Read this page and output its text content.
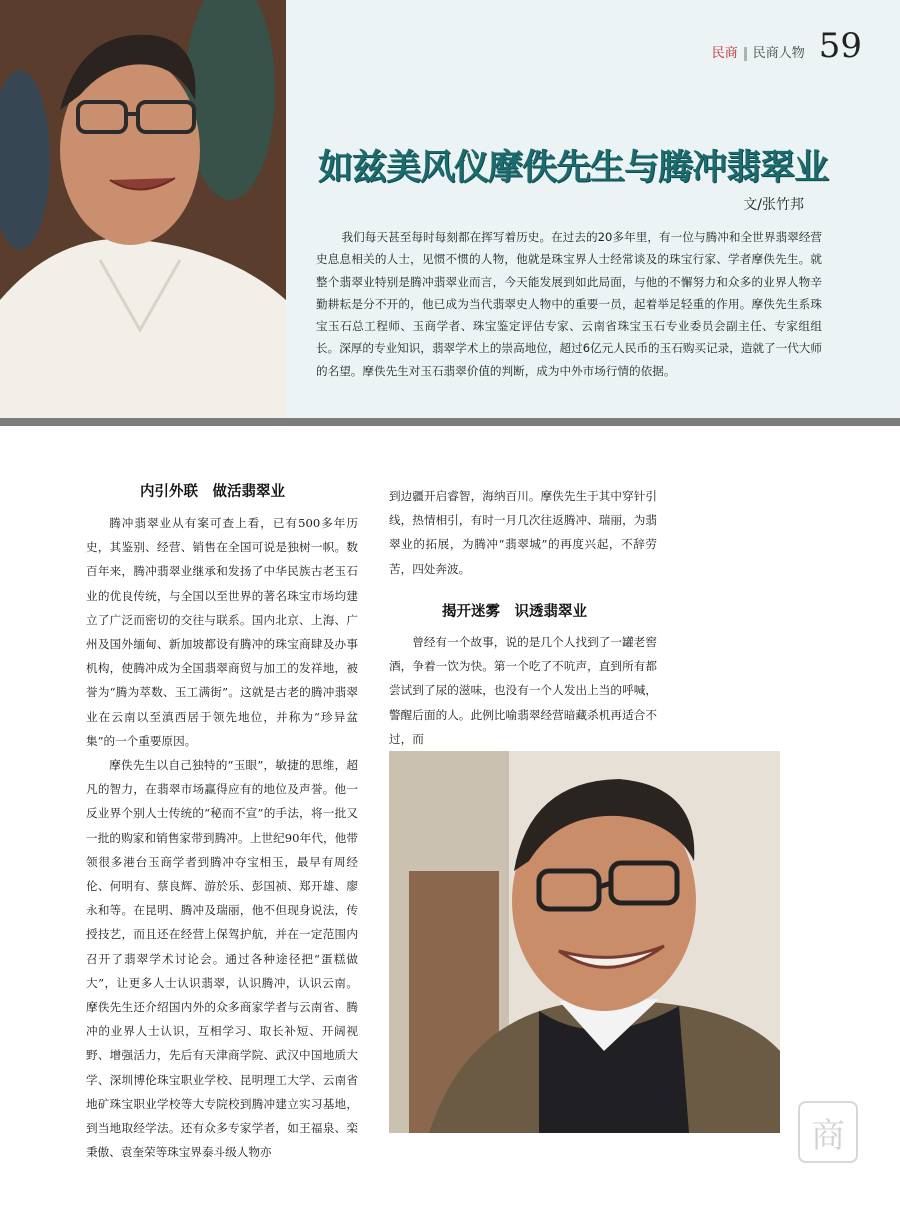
民商 民商人物 59
如兹美风仪摩佚先生与腾冲翡翠业
文/张竹邦

我们每天甚至每时每刻都在挥写着历史。在过去的20多年里，有一位与腾冲和全世界翡翠经营史息息相关的人士，见惯不惯的人物，他就是珠宝界人士经常谈及的珠宝行家、学者摩佚先生。就整个翡翠业特别是腾冲翡翠业而言，今天能发展到如此局面，与他的不懈努力和众多的业界人物辛勤耕耘是分不开的，他已成为当代翡翠史人物中的重要一员，起着举足轻重的作用。摩佚先生系珠宝玉石总工程师、玉商学者、珠宝鉴定评估专家、云南省珠宝玉石专业委员会副主任、专家组组长。深厚的专业知识，翡翠学术上的崇高地位，超过6亿元人民币的玉石购买记录，造就了一代大师的名望。摩佚先生对玉石翡翠价值的判断，成为中外市场行情的依据。

内引外联　做活翡翠业

腾冲翡翠业从有案可查上看，已有500多年历史，其鉴别、经营、销售在全国可说是独树一帜。数百年来，腾冲翡翠业继承和发扬了中华民族古老玉石业的优良传统，与全国以至世界的著名珠宝市场均建立了广泛而密切的交往与联系。国内北京、上海、广州及国外缅甸、新加坡都设有腾冲的珠宝商肆及办事机构，使腾冲成为全国翡翠商贸与加工的发祥地，被誉为“腾为萃数、玉工满街”。这就是古老的腾冲翡翠业在云南以至滇西居于领先地位，并称为“珍异盆集”的一个重要原因。

摩佚先生以自己独特的“玉眼”，敏捷的思维，超凡的智力，在翡翠市场赢得应有的地位及声誉。他一反业界个别人士传统的“秘而不宣”的手法，将一批又一批的购家和销售家带到腾冲。上世纪90年代，他带领很多港台玉商学者到腾冲夺宝相玉，最早有周经伦、何明有、蔡良辉、游於乐、彭国祯、郑开雄、廖永和等。在昆明、腾冲及瑞丽，他不但现身说法，传授技艺，而且还在经营上保驾护航，并在一定范围内召开了翡翠学术讨论会。通过各种途径把“蛋糕做大”，让更多人士认识翡翠，认识腾冲，认识云南。摩佚先生还介绍国内外的众多商家学者与云南省、腾冲的业界人士认识，互相学习、取长补短、开阔视野、增强活力，先后有天津商学院、武汉中国地质大学、深圳博伦珠宝职业学校、昆明理工大学、云南省地矿珠宝职业学校等大专院校到腾冲建立实习基地，到当地取经学法。还有众多专家学者，如王福泉、栾秉傲、袁奎荣等珠宝界泰斗级人物亦

到边疆开启睿智，海纳百川。摩佚先生于其中穿针引线，热情相引，有时一月几次往返腾冲、瑞丽，为翡翠业的拓展，为腾冲“翡翠城”的再度兴起，不辞劳苦，四处奔波。

揭开迷雾　识透翡翠业

曾经有一个故事，说的是几个人找到了一罐老窖酒，争着一饮为快。第一个吃了不吭声，直到所有都尝试到了尿的滋味，也没有一个人发出上当的呼喊，警醒后面的人。此例比喻翡翠经营暗藏杀机再适合不过，而

商
